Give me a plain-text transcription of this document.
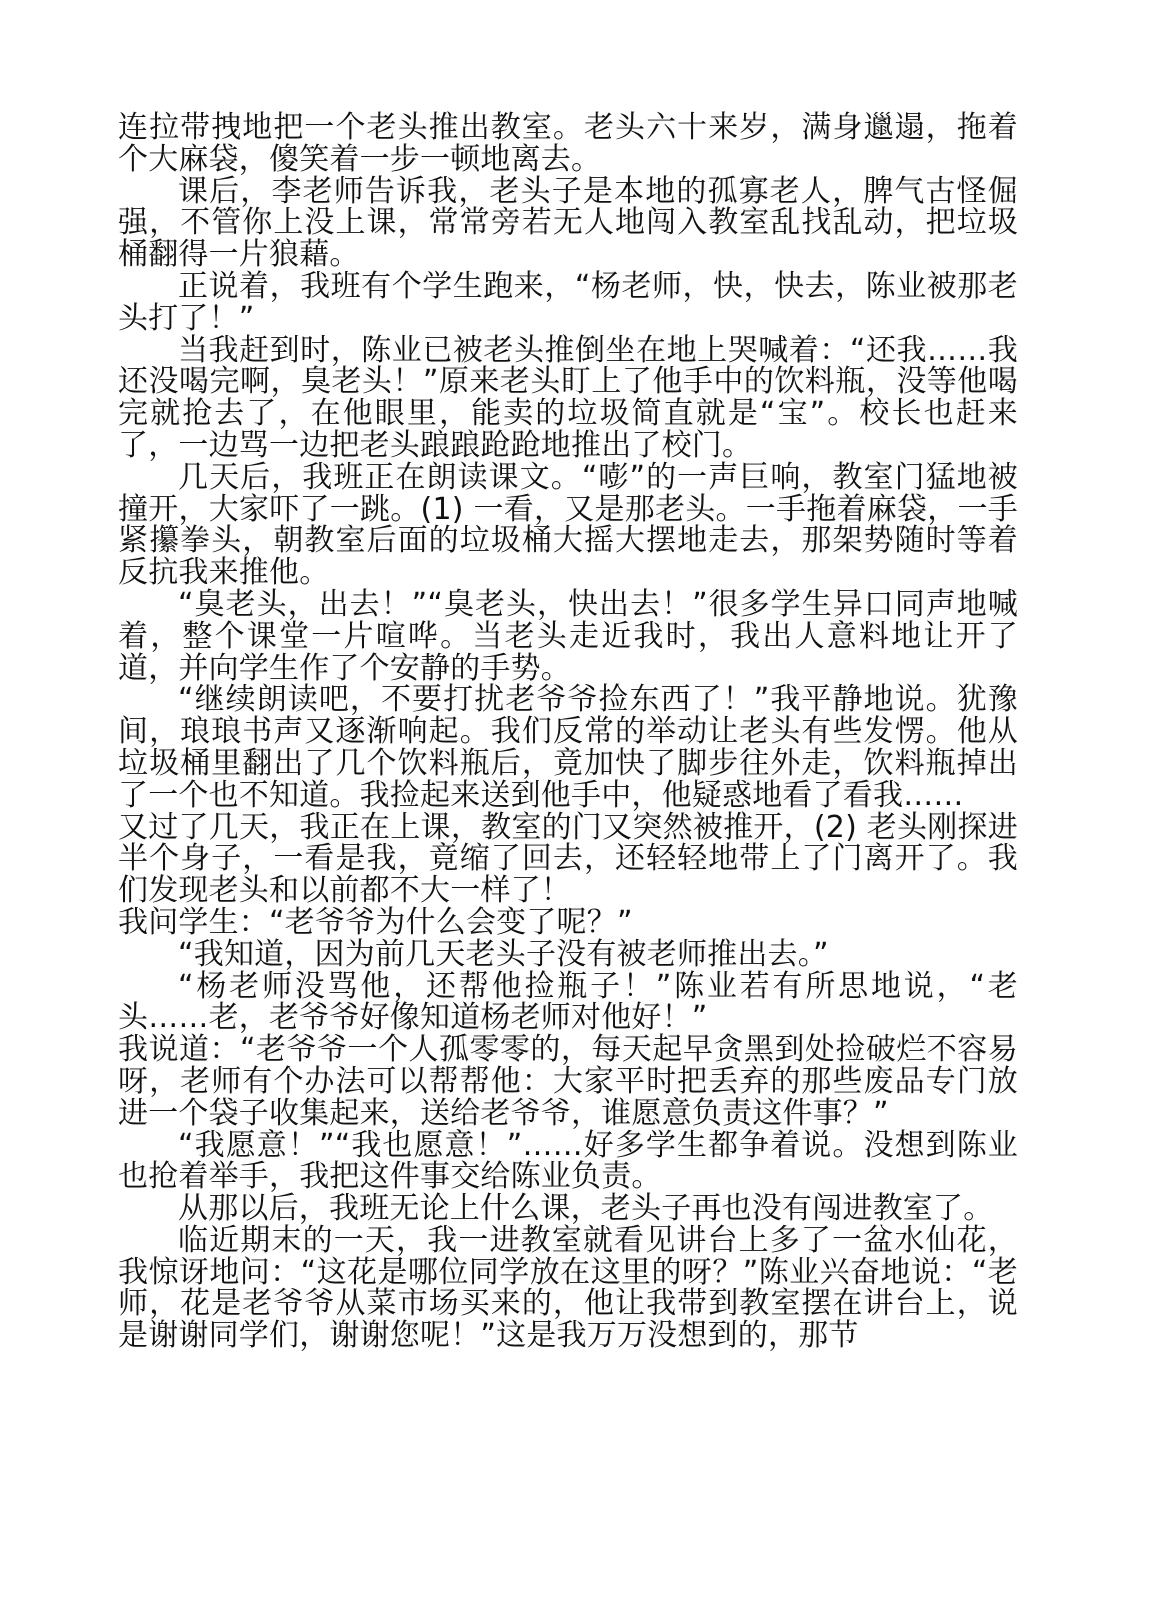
连拉带拽地把一个老头推出教室。老头六十来岁，满身邋遢，拖着个大麻袋，傻笑着一步一顿地离去。

课后，李老师告诉我，老头子是本地的孤寡老人，脾气古怪倔强，不管你上没上课，常常旁若无人地闯入教室乱找乱动，把垃圾桶翻得一片狼藉。

正说着，我班有个学生跑来，“杨老师，快，快去，陈业被那老头打了！”

当我赶到时，陈业已被老头推倒坐在地上哭喊着：“还我……我还没喝完啊，臭老头！”原来老头盯上了他手中的饮料瓶，没等他喝完就抢去了，在他眼里，能卖的垃圾简直就是“宝”。校长也赶来了，一边骂一边把老头踉踉跄跄地推出了校门。

几天后，我班正在朗读课文。“嘭”的一声巨响，教室门猛地被撞开，大家吓了一跳。(1) 一看，又是那老头。一手拖着麻袋，一手紧攥拳头，朝教室后面的垃圾桶大摇大摆地走去，那架势随时等着反抗我来推他。

“臭老头，出去！”“臭老头，快出去！”很多学生异口同声地喊着，整个课堂一片喧哗。当老头走近我时，我出人意料地让开了道，并向学生作了个安静的手势。

“继续朗读吧，不要打扰老爷爷捡东西了！”我平静地说。犹豫间，琅琅书声又逐渐响起。我们反常的举动让老头有些发愣。他从垃圾桶里翻出了几个饮料瓶后，竟加快了脚步往外走，饮料瓶掉出了一个也不知道。我捡起来送到他手中，他疑惑地看了看我……

又过了几天，我正在上课，教室的门又突然被推开，(2) 老头刚探进半个身子，一看是我，竟缩了回去，还轻轻地带上了门离开了。我们发现老头和以前都不大一样了！

我问学生：“老爷爷为什么会变了呢？”

“我知道，因为前几天老头子没有被老师推出去。”

“杨老师没骂他，还帮他捡瓶子！”陈业若有所思地说，“老头……老，老爷爷好像知道杨老师对他好！”

我说道：“老爷爷一个人孤零零的，每天起早贪黑到处捡破烂不容易呀，老师有个办法可以帮帮他：大家平时把丢弃的那些废品专门放进一个袋子收集起来，送给老爷爷，谁愿意负责这件事？”

“我愿意！”“我也愿意！”……好多学生都争着说。没想到陈业也抢着举手，我把这件事交给陈业负责。

从那以后，我班无论上什么课，老头子再也没有闯进教室了。

临近期末的一天，我一进教室就看见讲台上多了一盆水仙花，我惊讶地问：“这花是哪位同学放在这里的呀？”陈业兴奋地说：“老师，花是老爷爷从菜市场买来的，他让我带到教室摆在讲台上，说是谢谢同学们，谢谢您呢！”这是我万万没想到的，那节
